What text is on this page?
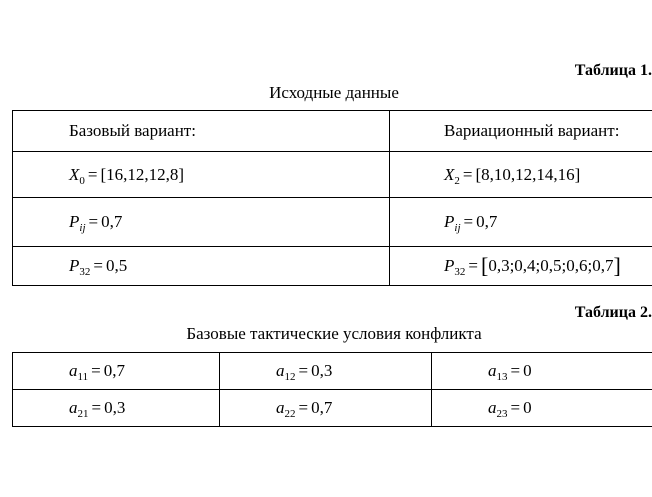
Таблица 1.
Исходные данные
Базовый вариант:	Вариационный вариант:
$X_0 = [16,12,12,8]$	$X_2 = [8,10,12,14,16]$
$P_{ij} = 0,7$	$P_{ij} = 0,7$
$P_{32} = 0,5$	$P_{32}$ = [0,3;0,4;0,5;0,6;0,7]
Таблица 2.
Базовые тактические условия конфликта
$a_{11} = 0,7$	$a_{12} = 0,3$	$a_{13} = 0$
$a_{21} = 0,3$	$a_{22} = 0,7$	$a_{23} = 0$
